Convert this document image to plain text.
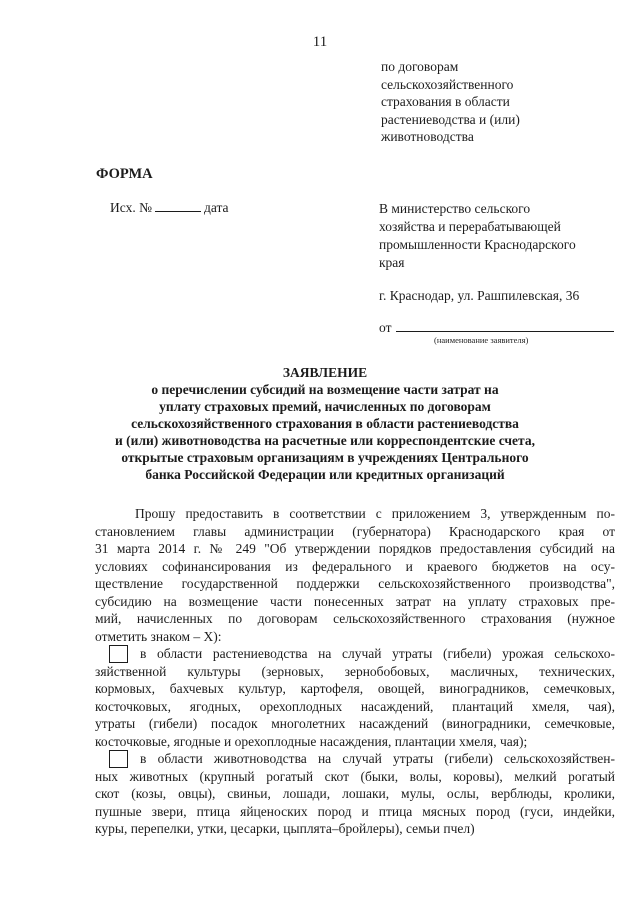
11
по договорам
сельскохозяйственного
страхования в области
растениеводства и (или)
животноводства
ФОРМА
Исх. №	дата	В министерство сельского
хозяйства и перерабатывающей
промышленности Краснодарского
края
г. Краснодар, ул. Рашпилевская, 36
от
(наименование заявителя)
ЗАЯВЛЕНИЕ
о перечислении субсидий на возмещение части затрат на
уплату страховых премий, начисленных по договорам
сельскохозяйственного страхования в области растениеводства
и (или) животноводства на расчетные или корреспондентские счета,
открытые страховым организациям в учреждениях Центрального
банка Российской Федерации или кредитных организаций
Прошу предоставить в соответствии с приложением 3, утвержденным по-
становлением главы администрации (губернатора) Краснодарского края от
31 марта 2014 г. № 249 "Об утверждении порядков предоставления субсидий на
условиях софинансирования из федерального и краевого бюджетов на осу-
ществление государственной поддержки сельскохозяйственного производства",
субсидию на возмещение части понесенных затрат на уплату страховых пре-
мий, начисленных по договорам сельскохозяйственного страхования (нужное
отметить знаком – X):
в области растениеводства на случай утраты (гибели) урожая сельскохо-
зяйственной культуры (зерновых, зернобобовых, масличных, технических,
кормовых, бахчевых культур, картофеля, овощей, виноградников, семечковых,
косточковых, ягодных, орехоплодных насаждений, плантаций хмеля, чая),
утраты (гибели) посадок многолетних насаждений (виноградники, семечковые,
косточковые, ягодные и орехоплодные насаждения, плантации хмеля, чая);
в области животноводства на случай утраты (гибели) сельскохозяйствен-
ных животных (крупный рогатый скот (быки, волы, коровы), мелкий рогатый
скот (козы, овцы), свиньи, лошади, лошаки, мулы, ослы, верблюды, кролики,
пушные звери, птица яйценоских пород и птица мясных пород (гуси, индейки,
куры, перепелки, утки, цесарки, цыплята–бройлеры), семьи пчел)
